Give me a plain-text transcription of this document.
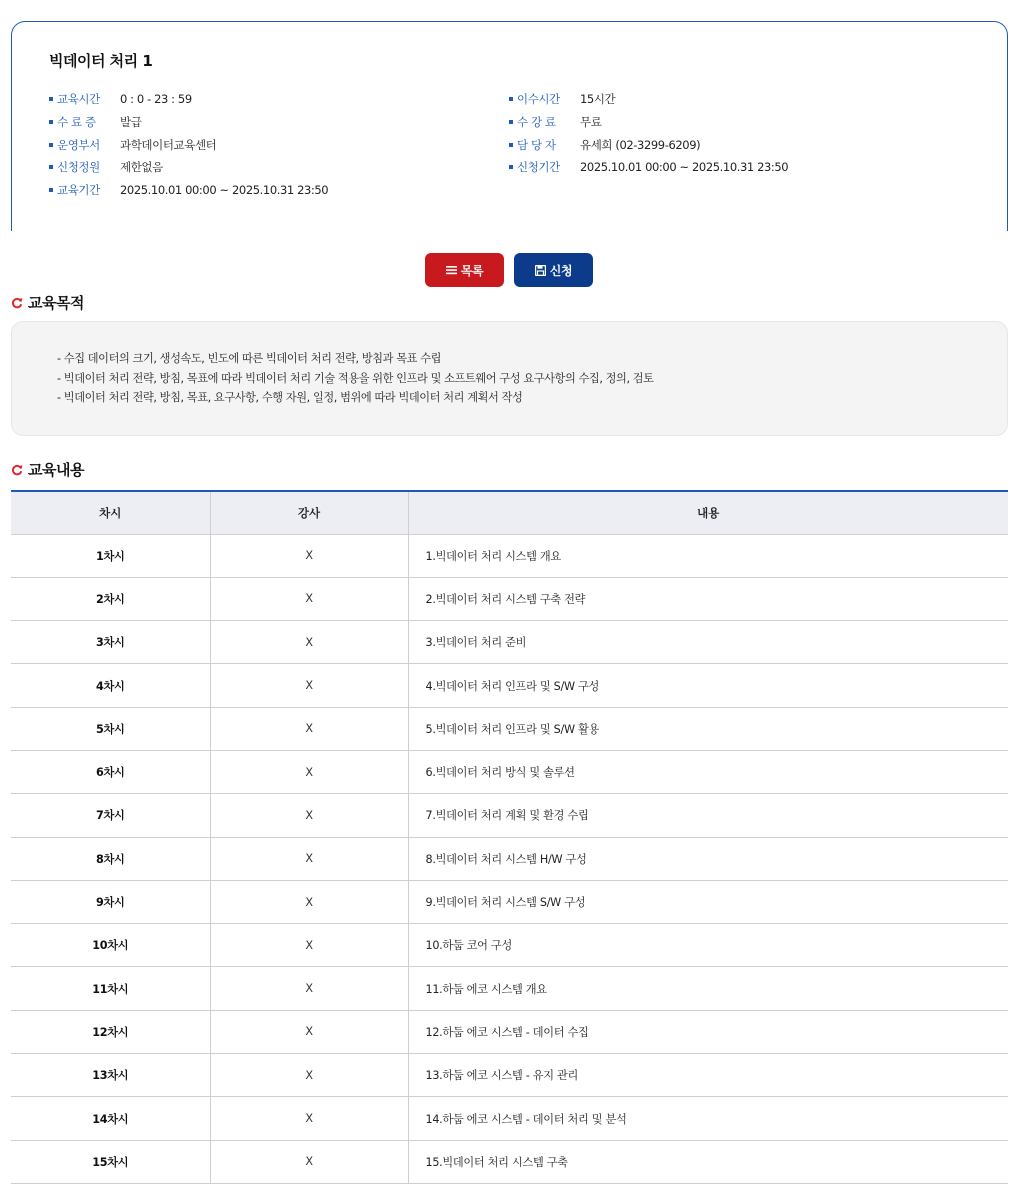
빅데이터 처리 1
교육시간 0 : 0 - 23 : 59
수 료 증 발급
운영부서 과학데이터교육센터
신청정원 제한없음
교육기간 2025.10.01 00:00 ~ 2025.10.31 23:50
이수시간 15시간
수 강 료 무료
담 당 자 유세희 (02-3299-6209)
신청기간 2025.10.01 00:00 ~ 2025.10.31 23:50
목록	신청
교육목적
- 수집 데이터의 크기, 생성속도, 빈도에 따른 빅데이터 처리 전략, 방침과 목표 수립
- 빅데이터 처리 전략, 방침, 목표에 따라 빅데이터 처리 기술 적용을 위한 인프라 및 소프트웨어 구성 요구사항의 수집, 정의, 검토
- 빅데이터 처리 전략, 방침, 목표, 요구사항, 수행 자원, 일정, 범위에 따라 빅데이터 처리 계획서 작성
교육내용
차시	강사	내용
1차시	X	1.빅데이터 처리 시스템 개요
2차시	X	2.빅데이터 처리 시스템 구축 전략
3차시	X	3.빅데이터 처리 준비
4차시	X	4.빅데이터 처리 인프라 및 S/W 구성
5차시	X	5.빅데이터 처리 인프라 및 S/W 활용
6차시	X	6.빅데이터 처리 방식 및 솔루션
7차시	X	7.빅데이터 처리 계획 및 환경 수립
8차시	X	8.빅데이터 처리 시스템 H/W 구성
9차시	X	9.빅데이터 처리 시스템 S/W 구성
10차시	X	10.하둡 코어 구성
11차시	X	11.하둡 에코 시스템 개요
12차시	X	12.하둡 에코 시스템 - 데이터 수집
13차시	X	13.하둡 에코 시스템 - 유지 관리
14차시	X	14.하둡 에코 시스템 - 데이터 처리 및 분석
15차시	X	15.빅데이터 처리 시스템 구축
